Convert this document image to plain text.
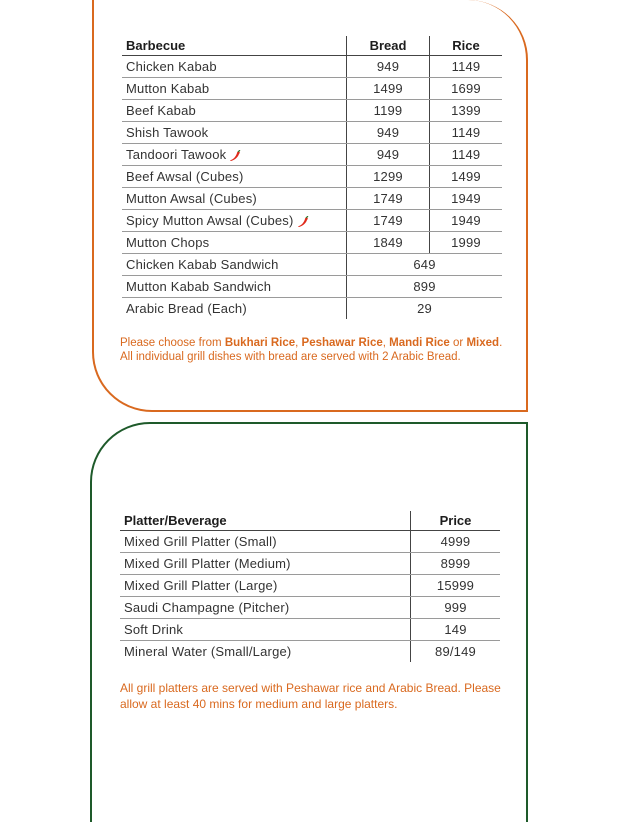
Barbecue	Bread	Rice
Chicken Kabab	949	1149
Mutton Kabab	1499	1699
Beef Kabab	1199	1399
Shish Tawook	949	1149
Tandoori Tawook	949	1149
Beef Awsal (Cubes)	1299	1499
Mutton Awsal (Cubes)	1749	1949
Spicy Mutton Awsal (Cubes)	1749	1949
Mutton Chops	1849	1999
Chicken Kabab Sandwich	649	
Mutton Kabab Sandwich	899	
Arabic Bread (Each)	29	
Please choose from Bukhari Rice, Peshawar Rice, Mandi Rice or Mixed. All individual grill dishes with bread are served with 2 Arabic Bread.
Platter/Beverage	Price
Mixed Grill Platter (Small)	4999
Mixed Grill Platter (Medium)	8999
Mixed Grill Platter (Large)	15999
Saudi Champagne (Pitcher)	999
Soft Drink	149
Mineral Water (Small/Large)	89/149
All grill platters are served with Peshawar rice and Arabic Bread. Please allow at least 40 mins for medium and large platters.
